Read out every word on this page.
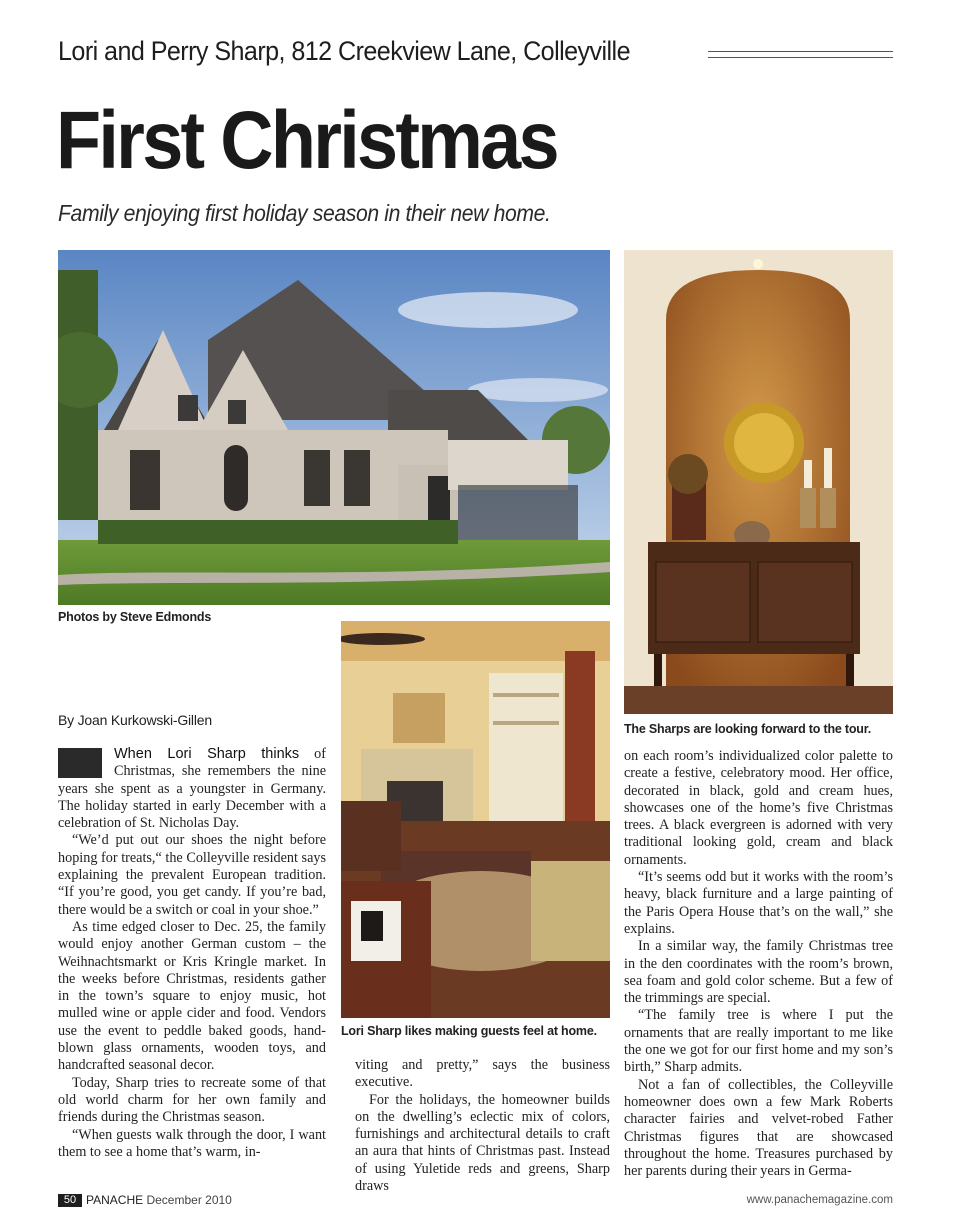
Lori and Perry Sharp, 812 Creekview Lane, Colleyville
First Christmas
Family enjoying first holiday season in their new home.
Photos by Steve Edmonds
The Sharps are looking forward to the tour.
Lori Sharp likes making guests feel at home.
By Joan Kurkowski-Gillen

When Lori Sharp thinks of Christmas, she remembers the nine years she spent as a youngster in Germany. The holiday started in early December with a celebration of St. Nicholas Day.

“We’d put out our shoes the night before hoping for treats,“ the Colleyville resident says explaining the prevalent European tradition. “If you’re good, you get candy. If you’re bad, there would be a switch or coal in your shoe.”

As time edged closer to Dec. 25, the family would enjoy another German custom – the Weihnachtsmarkt or Kris Kringle market. In the weeks before Christmas, residents gather in the town’s square to enjoy music, hot mulled wine or apple cider and food. Vendors use the event to peddle baked goods, hand-blown glass ornaments, wooden toys, and handcrafted seasonal decor.

Today, Sharp tries to recreate some of that old world charm for her own family and friends during the Christmas season.

“When guests walk through the door, I want them to see a home that’s warm, in-

viting and pretty,” says the business executive.

For the holidays, the homeowner builds on the dwelling’s eclectic mix of colors, furnishings and architectural details to craft an aura that hints of Christmas past. Instead of using Yuletide reds and greens, Sharp draws

on each room’s individualized color palette to create a festive, celebratory mood. Her office, decorated in black, gold and cream hues, showcases one of the home’s five Christmas trees. A black evergreen is adorned with very traditional looking gold, cream and black ornaments.

“It’s seems odd but it works with the room’s heavy, black furniture and a large painting of the Paris Opera House that’s on the wall,” she explains.

In a similar way, the family Christmas tree in the den coordinates with the room’s brown, sea foam and gold color scheme. But a few of the trimmings are special.

“The family tree is where I put the ornaments that are really important to me like the one we got for our first home and my son’s birth,” Sharp admits.

Not a fan of collectibles, the Colleyville homeowner does own a few Mark Roberts character fairies and velvet-robed Father Christmas figures that are showcased throughout the home. Treasures purchased by her parents during their years in Germa-

50 PANACHE December 2010	www.panachemagazine.com
